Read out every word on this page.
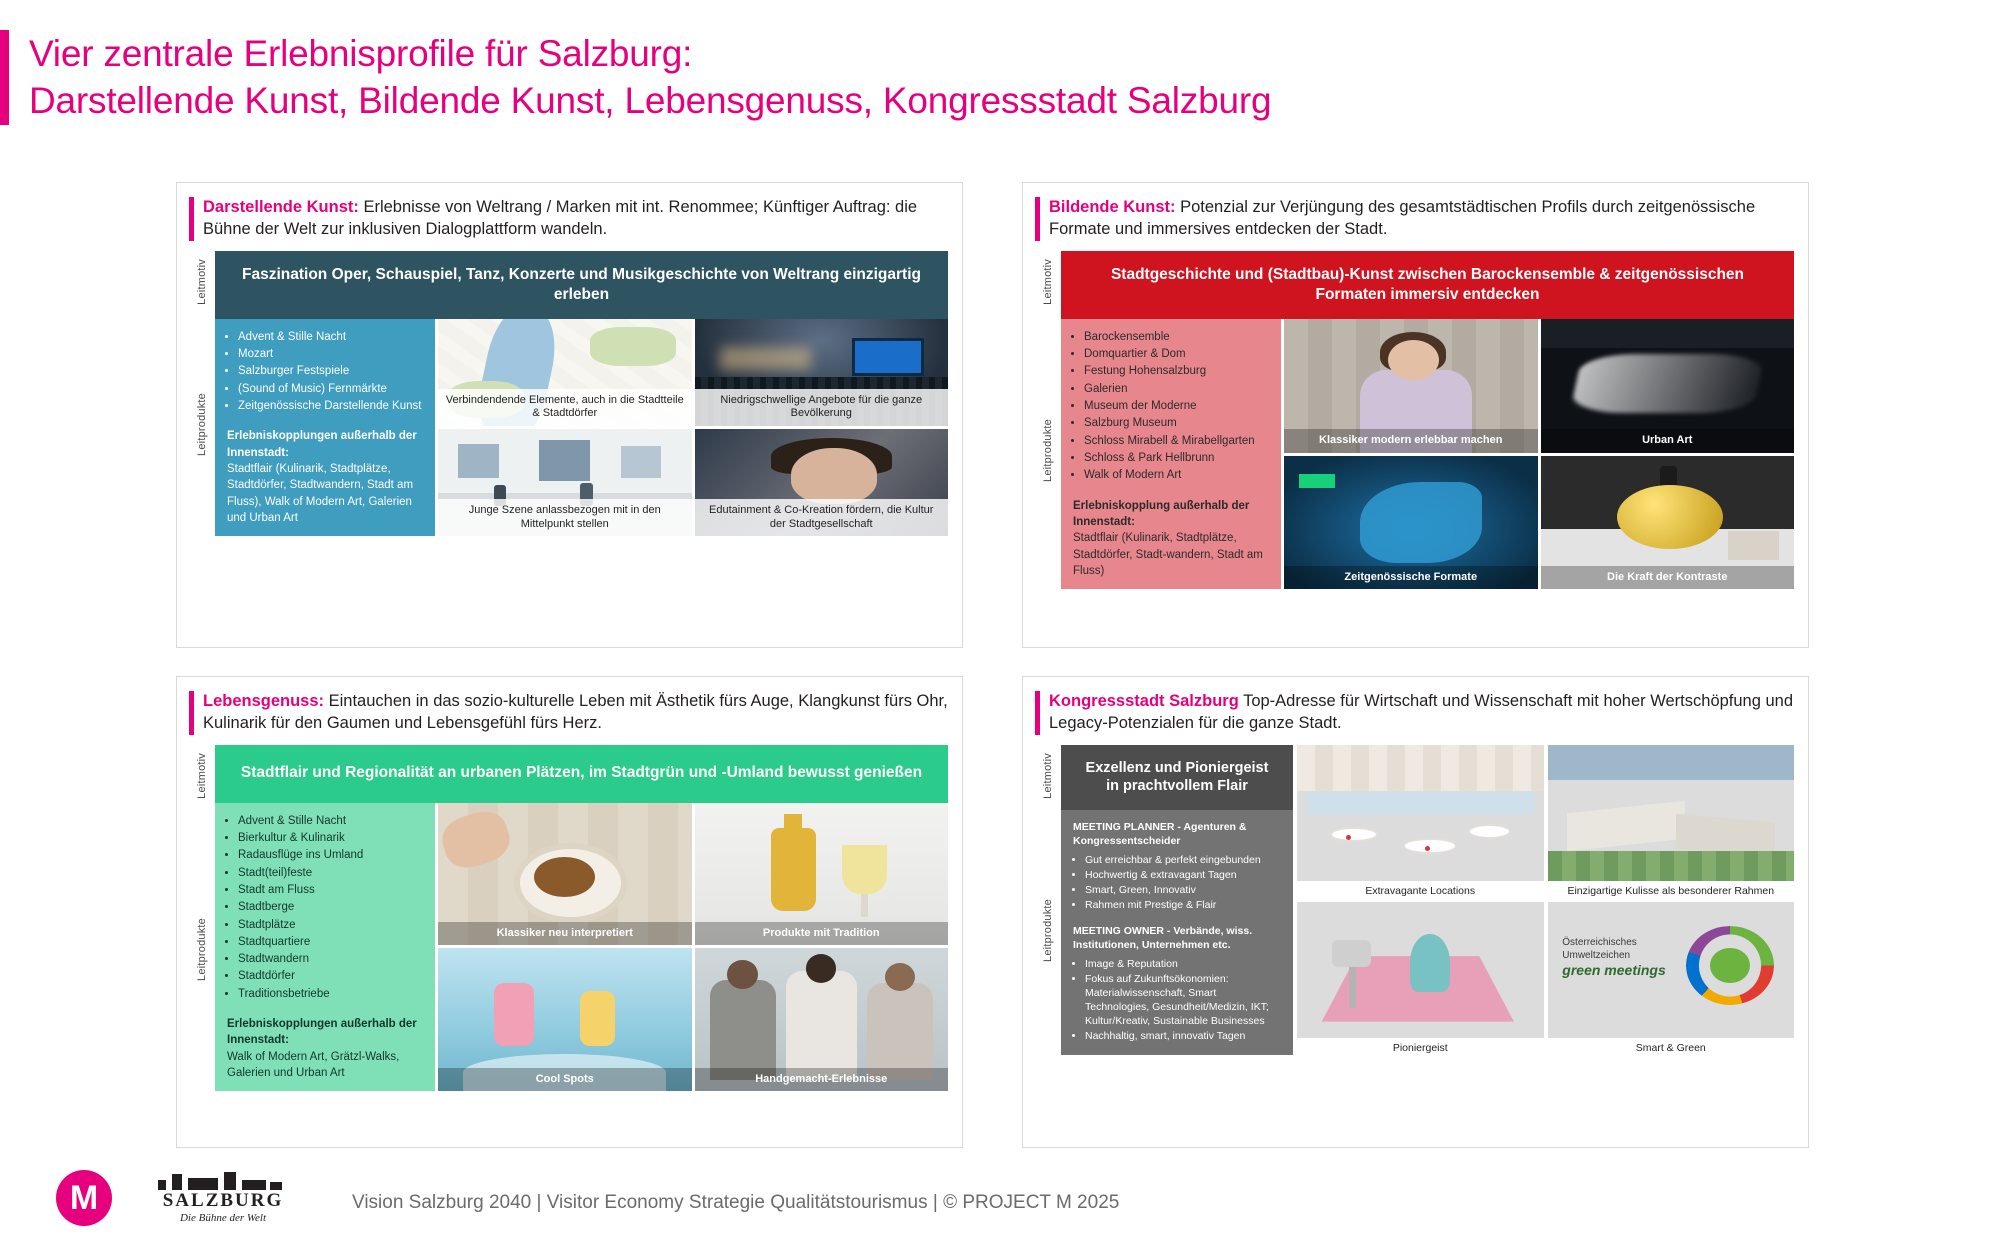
Vier zentrale Erlebnisprofile für Salzburg:
Darstellende Kunst, Bildende Kunst, Lebensgenuss, Kongressstadt Salzburg
Darstellende Kunst: Erlebnisse von Weltrang / Marken mit int. Renommee; Künftiger Auftrag: die Bühne der Welt zur inklusiven Dialogplattform wandeln.
Leitmotiv
Leitprodukte
Faszination Oper, Schauspiel, Tanz, Konzerte und Musikgeschichte von Weltrang einzigartig erleben
• Advent & Stille Nacht
• Mozart
• Salzburger Festspiele
• (Sound of Music) Fernmärkte
• Zeitgenössische Darstellende Kunst
Erlebniskopplungen außerhalb der Innenstadt:
Stadtflair (Kulinarik, Stadtplätze, Stadtdörfer, Stadtwandern, Stadt am Fluss), Walk of Modern Art, Galerien und Urban Art
Verbindendende Elemente, auch in die Stadtteile & Stadtdörfer
Niedrigschwellige Angebote für die ganze Bevölkerung
Junge Szene anlassbezogen mit in den Mittelpunkt stellen
Edutainment & Co-Kreation fördern, die Kultur der Stadtgesellschaft
Bildende Kunst: Potenzial zur Verjüngung des gesamtstädtischen Profils durch zeitgenössische Formate und immersives entdecken der Stadt.
Leitmotiv
Leitprodukte
Stadtgeschichte und (Stadtbau)-Kunst zwischen Barockensemble & zeitgenössischen Formaten immersiv entdecken
• Barockensemble
• Domquartier & Dom
• Festung Hohensalzburg
• Galerien
• Museum der Moderne
• Salzburg Museum
• Schloss Mirabell & Mirabellgarten
• Schloss & Park Hellbrunn
• Walk of Modern Art
Erlebniskopplung außerhalb der Innenstadt:
Stadtflair (Kulinarik, Stadtplätze, Stadtdörfer, Stadt-wandern, Stadt am Fluss)
Klassiker modern erlebbar machen	Urban Art
Zeitgenössische Formate	Die Kraft der Kontraste
Lebensgenuss: Eintauchen in das sozio-kulturelle Leben mit Ästhetik fürs Auge, Klangkunst fürs Ohr, Kulinarik für den Gaumen und Lebensgefühl fürs Herz.
Leitmotiv
Leitprodukte
Stadtflair und Regionalität an urbanen Plätzen, im Stadtgrün und -Umland bewusst genießen
• Advent & Stille Nacht
• Bierkultur & Kulinarik
• Radausflüge ins Umland
• Stadt(teil)feste
• Stadt am Fluss
• Stadtberge
• Stadtplätze
• Stadtquartiere
• Stadtwandern
• Stadtdörfer
• Traditionsbetriebe
Erlebniskopplungen außerhalb der Innenstadt:
Walk of Modern Art, Grätzl-Walks, Galerien und Urban Art
Klassiker neu interpretiert	Produkte mit Tradition
Cool Spots	Handgemacht-Erlebnisse
Kongressstadt Salzburg Top-Adresse für Wirtschaft und Wissenschaft mit hoher Wertschöpfung und Legacy-Potenzialen für die ganze Stadt.
Leitmotiv
Leitprodukte
Exzellenz und Pioniergeist in prachtvollem Flair
MEETING PLANNER - Agenturen & Kongressentscheider
• Gut erreichbar & perfekt eingebunden
• Hochwertig & extravagant Tagen
• Smart, Green, Innovativ
• Rahmen mit Prestige & Flair
MEETING OWNER - Verbände, wiss. Institutionen, Unternehmen etc.
• Image & Reputation
• Fokus auf Zukunftsökonomien: Materialwissenschaft, Smart Technologies, Gesundheit/Medizin, IKT; Kultur/Kreativ, Sustainable Businesses
• Nachhaltig, smart, innovativ Tagen
Extravagante Locations	Einzigartige Kulisse als besonderer Rahmen
Pioniergeist
Österreichisches
Umweltzeichen
green meetings
Smart & Green
M	SALZBURG
Die Bühne der Welt
Vision Salzburg 2040 | Visitor Economy Strategie Qualitätstourismus | © PROJECT M 2025
